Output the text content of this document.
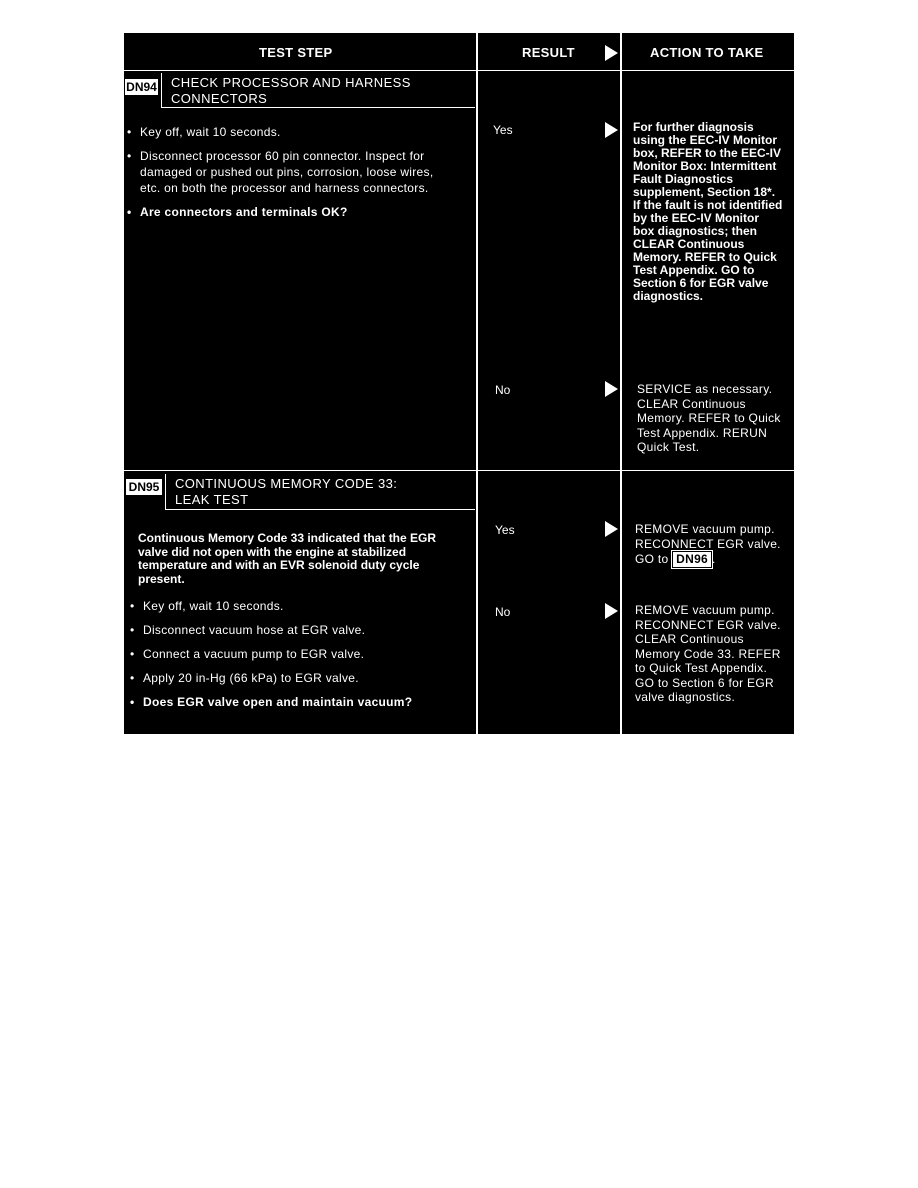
TEST STEP	RESULT	ACTION TO TAKE
DN94 CHECK PROCESSOR AND HARNESS
CONNECTORS
• Key off, wait 10 seconds.
• Disconnect processor 60 pin connector. Inspect for damaged or pushed out pins, corrosion, loose wires, etc. on both the processor and harness connectors.
• Are connectors and terminals OK?
Yes	For further diagnosis using the EEC-IV Monitor box, REFER to the EEC-IV Monitor Box: Intermittent Fault Diagnostics supplement, Section 18*. If the fault is not identified by the EEC-IV Monitor box diagnostics; then CLEAR Continuous Memory. REFER to Quick Test Appendix. GO to Section 6 for EGR valve diagnostics.
No	SERVICE as necessary. CLEAR Continuous Memory. REFER to Quick Test Appendix. RERUN Quick Test.
DN95 CONTINUOUS MEMORY CODE 33:
LEAK TEST
Continuous Memory Code 33 indicated that the EGR valve did not open with the engine at stabilized temperature and with an EVR solenoid duty cycle present.
• Key off, wait 10 seconds.
• Disconnect vacuum hose at EGR valve.
• Connect a vacuum pump to EGR valve.
• Apply 20 in-Hg (66 kPa) to EGR valve.
• Does EGR valve open and maintain vacuum?
Yes	REMOVE vacuum pump. RECONNECT EGR valve. GO to DN96 .
No	REMOVE vacuum pump. RECONNECT EGR valve. CLEAR Continuous Memory Code 33. REFER to Quick Test Appendix. GO to Section 6 for EGR valve diagnostics.
